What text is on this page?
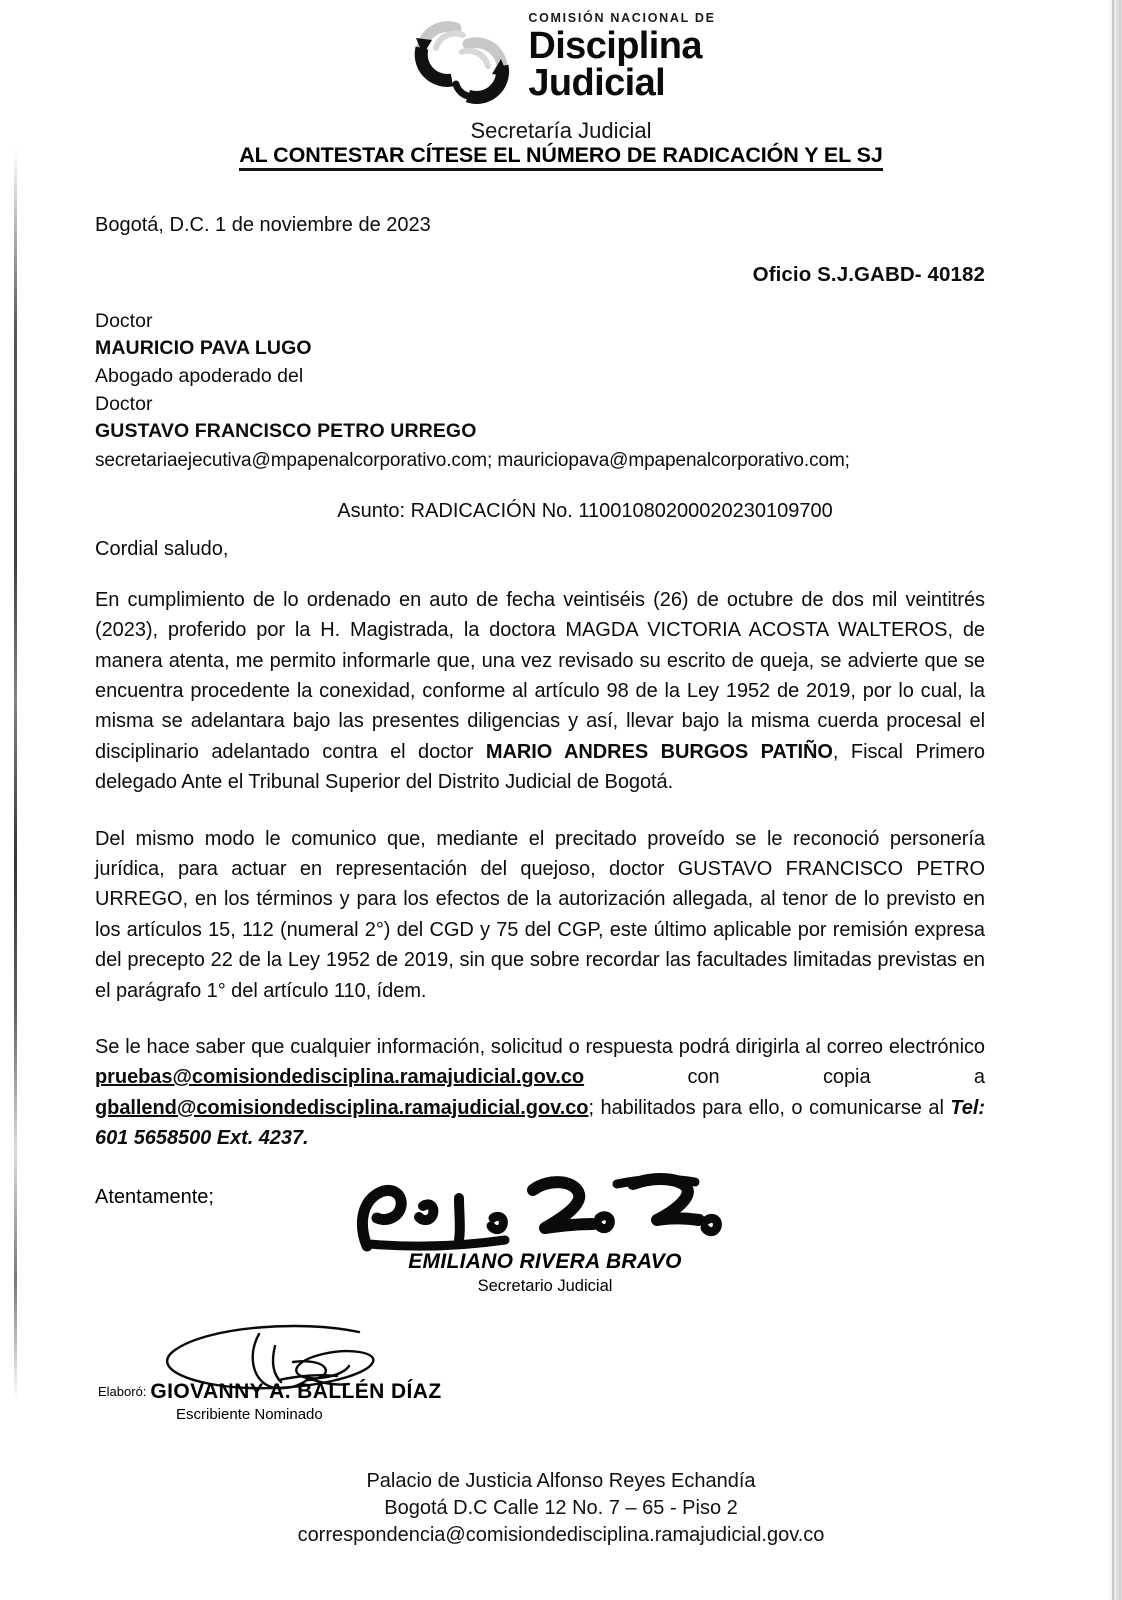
COMISIÓN NACIONAL DE
Disciplina
Judicial
Secretaría Judicial
AL CONTESTAR CÍTESE EL NÚMERO DE RADICACIÓN Y EL SJ
Bogotá, D.C. 1 de noviembre de 2023
Oficio S.J.GABD- 40182
Doctor
MAURICIO PAVA LUGO
Abogado apoderado del
Doctor
GUSTAVO FRANCISCO PETRO URREGO
secretariaejecutiva@mpapenalcorporativo.com; mauriciopava@mpapenalcorporativo.com;
Asunto: RADICACIÓN No. 11001080200020230109700
Cordial saludo,

En cumplimiento de lo ordenado en auto de fecha veintiséis (26) de octubre de dos mil veintitrés (2023), proferido por la H. Magistrada, la doctora MAGDA VICTORIA ACOSTA WALTEROS, de manera atenta, me permito informarle que, una vez revisado su escrito de queja, se advierte que se encuentra procedente la conexidad, conforme al artículo 98 de la Ley 1952 de 2019, por lo cual, la misma se adelantara bajo las presentes diligencias y así, llevar bajo la misma cuerda procesal el disciplinario adelantado contra el doctor MARIO ANDRES BURGOS PATIÑO, Fiscal Primero delegado Ante el Tribunal Superior del Distrito Judicial de Bogotá.

Del mismo modo le comunico que, mediante el precitado proveído se le reconoció personería jurídica, para actuar en representación del quejoso, doctor GUSTAVO FRANCISCO PETRO URREGO, en los términos y para los efectos de la autorización allegada, al tenor de lo previsto en los artículos 15, 112 (numeral 2°) del CGD y 75 del CGP, este último aplicable por remisión expresa del precepto 22 de la Ley 1952 de 2019, sin que sobre recordar las facultades limitadas previstas en el parágrafo 1° del artículo 110, ídem.

Se le hace saber que cualquier información, solicitud o respuesta podrá dirigirla al correo electrónico pruebas@comisiondedisciplina.ramajudicial.gov.co con copia a gballend@comisiondedisciplina.ramajudicial.gov.co; habilitados para ello, o comunicarse al Tel: 601 5658500 Ext. 4237.

Atentamente;
EMILIANO RIVERA BRAVO
Secretario Judicial
Elaboró: GIOVANNY A. BALLÉN DÍAZ
Escribiente Nominado
Palacio de Justicia Alfonso Reyes Echandía
Bogotá D.C Calle 12 No. 7 – 65 - Piso 2
correspondencia@comisiondedisciplina.ramajudicial.gov.co
